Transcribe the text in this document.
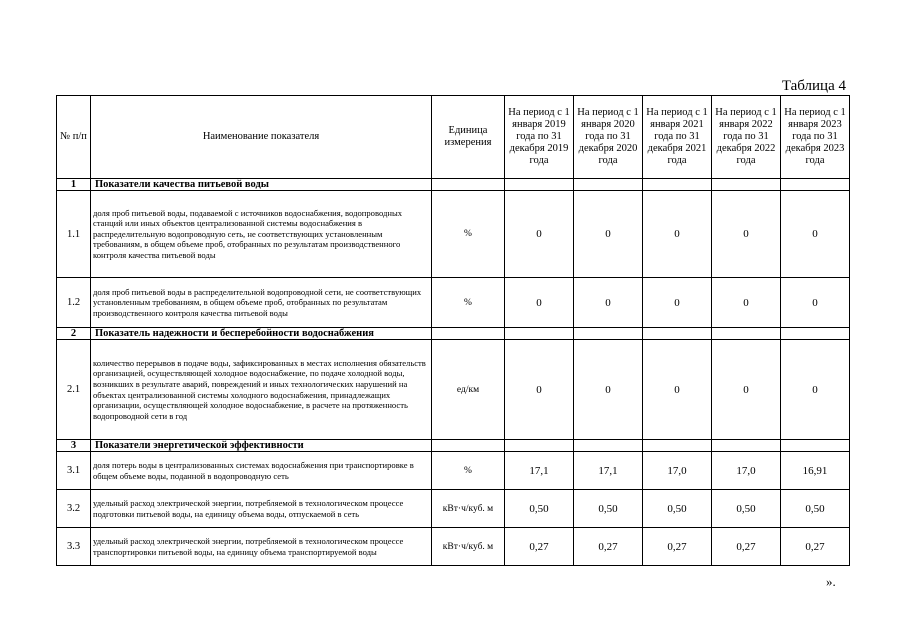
Таблица 4
№ п/п	Наименование показателя	Единица измерения	На период с 1 января 2019 года по 31 декабря 2019 года	На период с 1 января 2020 года по 31 декабря 2020 года	На период с 1 января 2021 года по 31 декабря 2021 года	На период с 1 января 2022 года по 31 декабря 2022 года	На период с 1 января 2023 года по 31 декабря 2023 года
1	Показатели качества питьевой воды						
1.1	доля проб питьевой воды, подаваемой с источников водоснабжения, водопроводных станций или иных объектов централизованной системы водоснабжения в распределительную водопроводную сеть, не соответствующих установленным требованиям, в общем объеме проб, отобранных по результатам производственного контроля качества питьевой воды	%	0	0	0	0	0
1.2	доля проб питьевой воды в распределительной водопроводной сети, не соответствующих установленным требованиям, в общем объеме проб, отобранных по результатам производственного контроля качества питьевой воды	%	0	0	0	0	0
2	Показатель надежности и бесперебойности водоснабжения						
2.1	количество перерывов в подаче воды, зафиксированных в местах исполнения обязательств организацией, осуществляющей холодное водоснабжение, по подаче холодной воды, возникших в результате аварий, повреждений и иных технологических нарушений на объектах централизованной системы холодного водоснабжения, принадлежащих организации, осуществляющей холодное водоснабжение, в расчете на протяженность водопроводной сети в год	ед/км	0	0	0	0	0
3	Показатели энергетической эффективности						
3.1	доля потерь воды в централизованных системах водоснабжения при транспортировке в общем объеме воды, поданной в водопроводную сеть	%	17,1	17,1	17,0	17,0	16,91
3.2	удельный расход электрической энергии, потребляемой в технологическом процессе подготовки питьевой воды, на единицу объема воды, отпускаемой в сеть	кВт·ч/куб. м	0,50	0,50	0,50	0,50	0,50
3.3	удельный расход электрической энергии, потребляемой в технологическом процессе транспортировки питьевой воды, на единицу объема транспортируемой воды	кВт·ч/куб. м	0,27	0,27	0,27	0,27	0,27
».
